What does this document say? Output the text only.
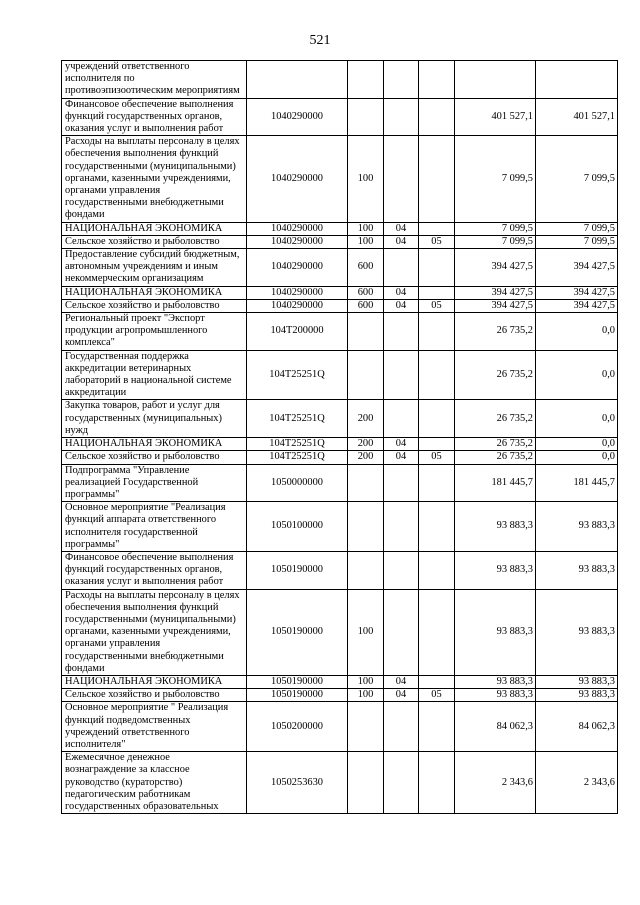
521
учреждений ответственного исполнителя по противоэпизоотическим мероприятиям						
Финансовое обеспечение выполнения функций государственных органов, оказания услуг и выполнения работ	1040290000				401 527,1	401 527,1
Расходы на выплаты персоналу в целях обеспечения выполнения функций государственными (муниципальными) органами, казенными учреждениями, органами управления государственными внебюджетными фондами	1040290000	100			7 099,5	7 099,5
НАЦИОНАЛЬНАЯ ЭКОНОМИКА	1040290000	100	04		7 099,5	7 099,5
Сельское хозяйство и рыболовство	1040290000	100	04	05	7 099,5	7 099,5
Предоставление субсидий бюджетным, автономным учреждениям и иным некоммерческим организациям	1040290000	600			394 427,5	394 427,5
НАЦИОНАЛЬНАЯ ЭКОНОМИКА	1040290000	600	04		394 427,5	394 427,5
Сельское хозяйство и рыболовство	1040290000	600	04	05	394 427,5	394 427,5
Региональный проект "Экспорт продукции агропромышленного комплекса"	104T200000				26 735,2	0,0
Государственная поддержка аккредитации ветеринарных лабораторий в национальной системе аккредитации	104T25251Q				26 735,2	0,0
Закупка товаров, работ и услуг для государственных (муниципальных) нужд	104T25251Q	200			26 735,2	0,0
НАЦИОНАЛЬНАЯ ЭКОНОМИКА	104T25251Q	200	04		26 735,2	0,0
Сельское хозяйство и рыболовство	104T25251Q	200	04	05	26 735,2	0,0
Подпрограмма "Управление реализацией Государственной программы"	1050000000				181 445,7	181 445,7
Основное мероприятие "Реализация функций аппарата ответственного исполнителя государственной программы"	1050100000				93 883,3	93 883,3
Финансовое обеспечение выполнения функций государственных органов, оказания услуг и выполнения работ	1050190000				93 883,3	93 883,3
Расходы на выплаты персоналу в целях обеспечения выполнения функций государственными (муниципальными) органами, казенными учреждениями, органами управления государственными внебюджетными фондами	1050190000	100			93 883,3	93 883,3
НАЦИОНАЛЬНАЯ ЭКОНОМИКА	1050190000	100	04		93 883,3	93 883,3
Сельское хозяйство и рыболовство	1050190000	100	04	05	93 883,3	93 883,3
Основное мероприятие " Реализация функций подведомственных учреждений ответственного исполнителя"	1050200000				84 062,3	84 062,3
Ежемесячное денежное вознаграждение за классное руководство (кураторство) педагогическим работникам государственных образовательных	1050253630				2 343,6	2 343,6
